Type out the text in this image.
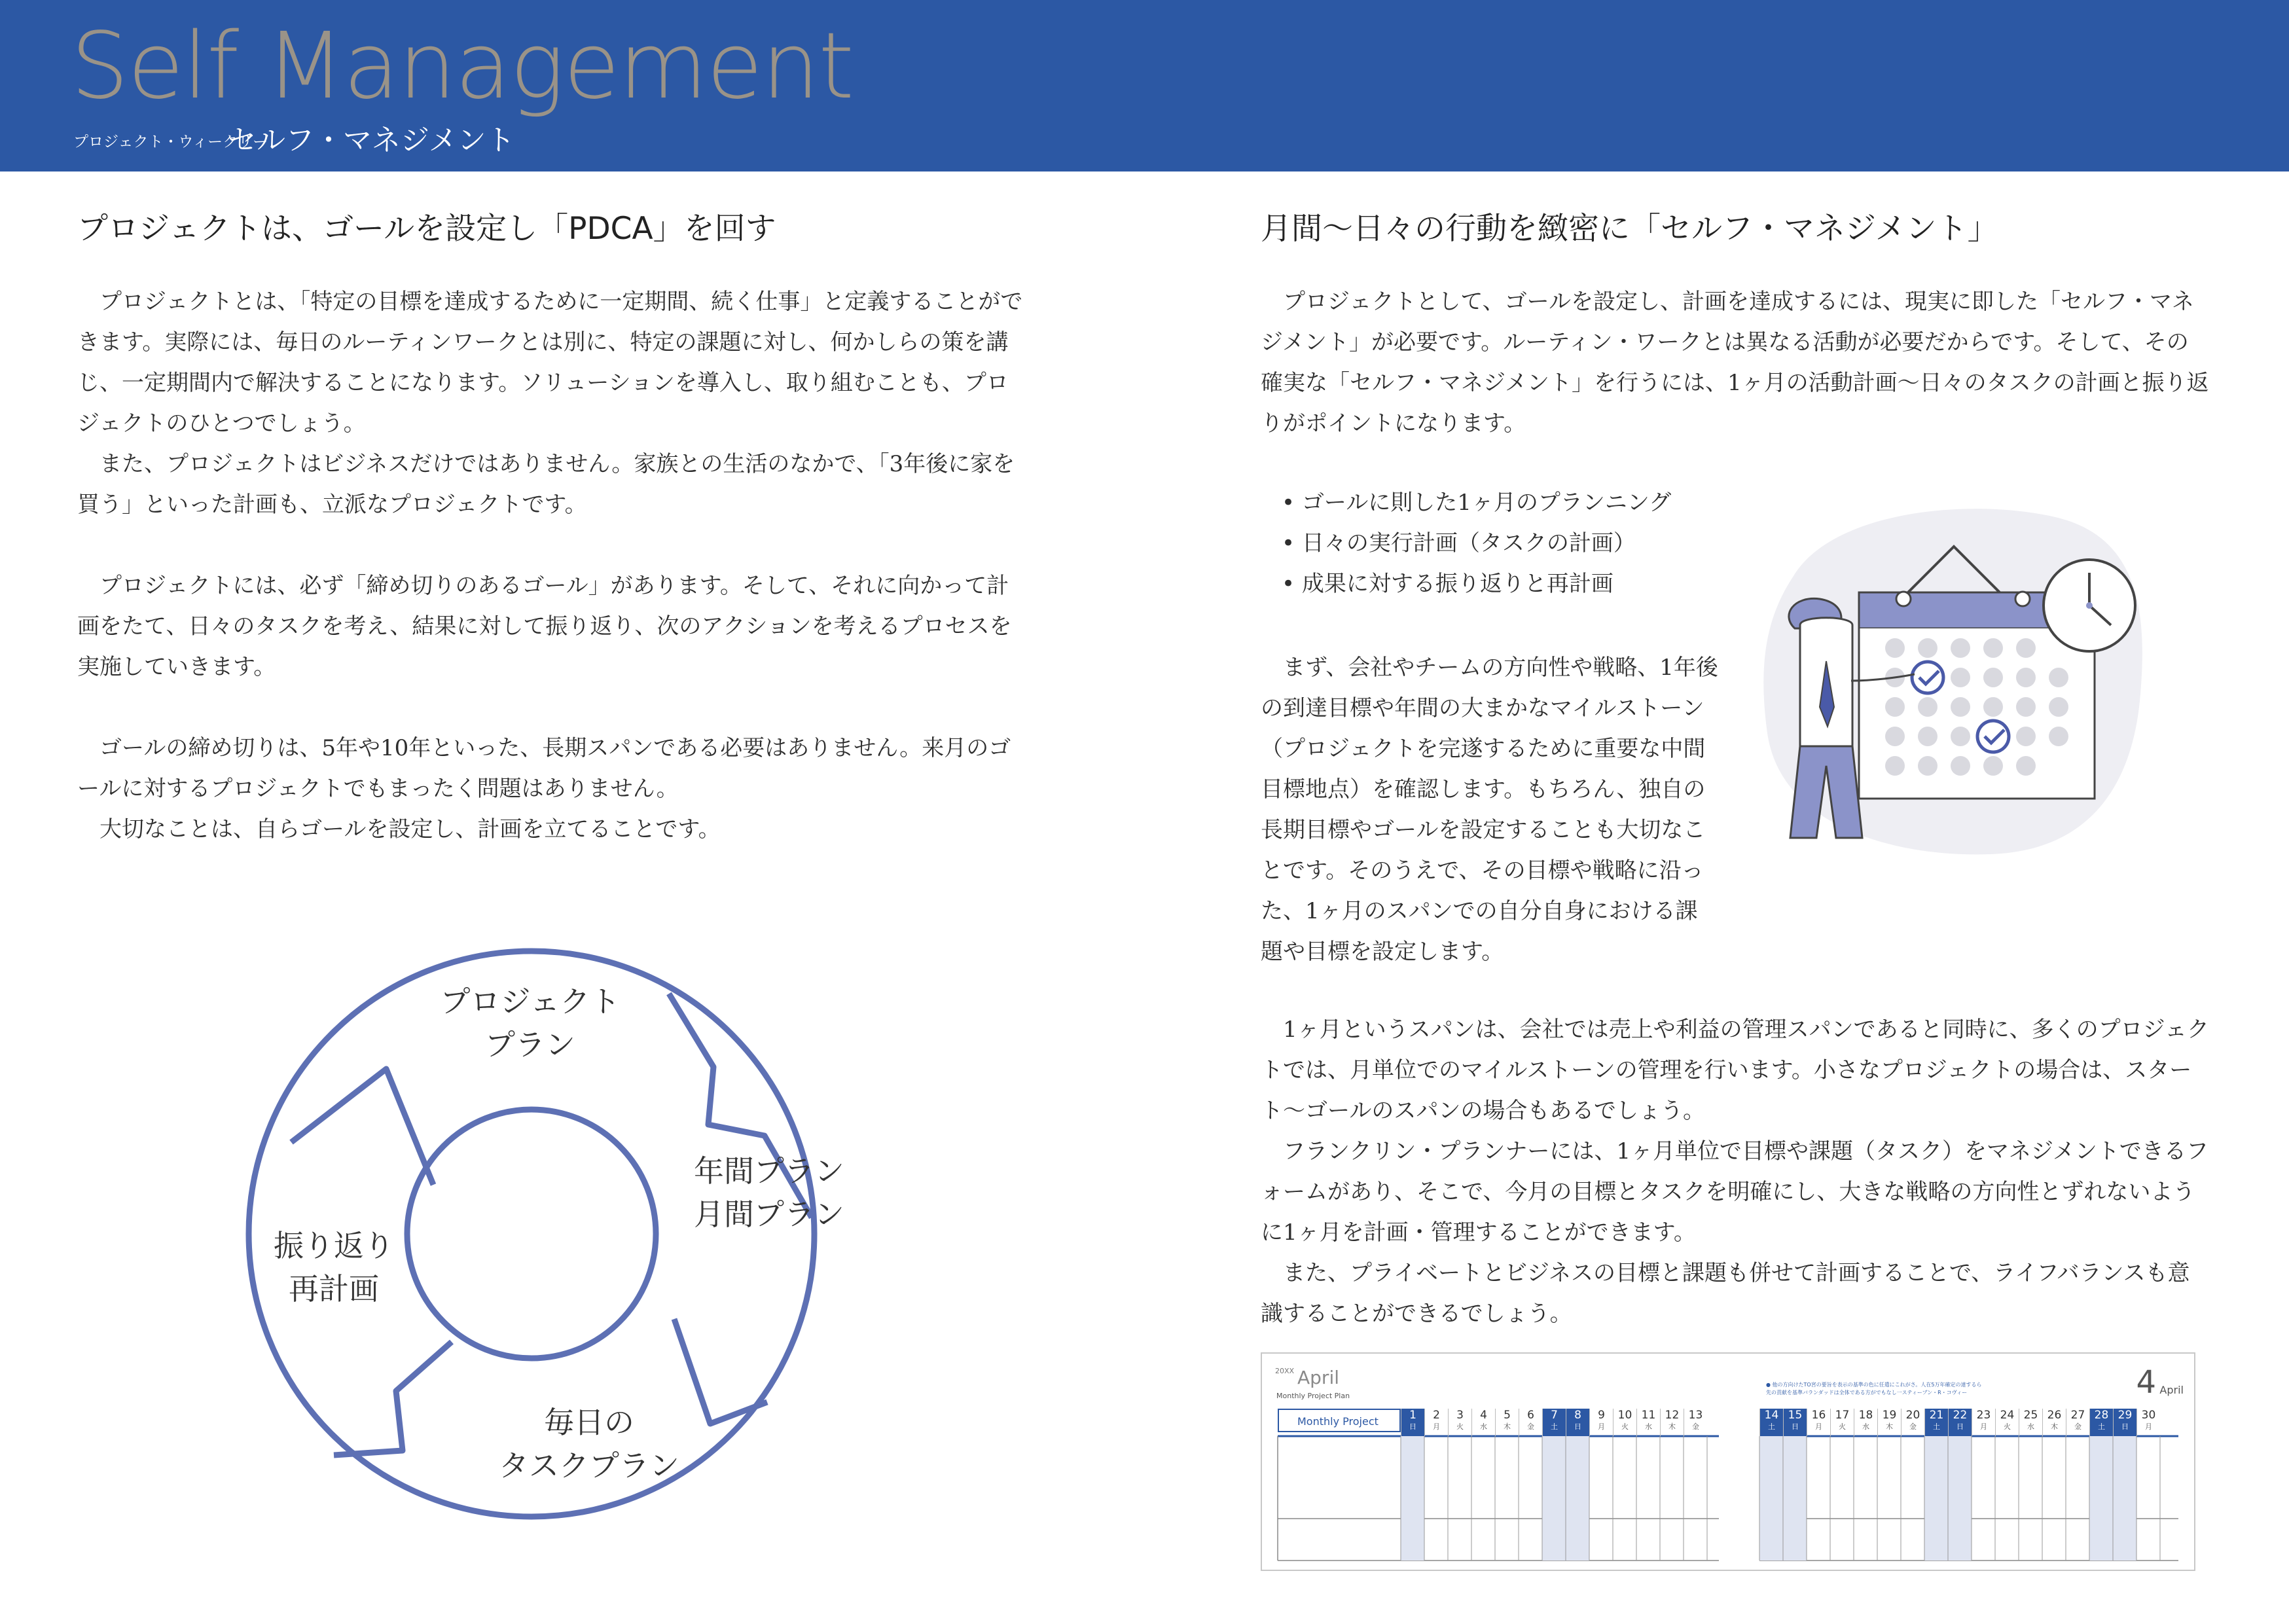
Self Management
プロジェクト・ウィークリー
セルフ・マネジメント
プロジェクトは、ゴールを設定し「PDCA」を回す

プロジェクトとは、「特定の目標を達成するために一定期間、続く仕事」と定義することができます。実際には、毎日のルーティンワークとは別に、特定の課題に対し、何かしらの策を講じ、一定期間内で解決することになります。ソリューションを導入し、取り組むことも、プロジェクトのひとつでしょう。

また、プロジェクトはビジネスだけではありません。家族との生活のなかで、「3年後に家を買う」といった計画も、立派なプロジェクトです。

プロジェクトには、必ず「締め切りのあるゴール」があります。そして、それに向かって計画をたて、日々のタスクを考え、結果に対して振り返り、次のアクションを考えるプロセスを実施していきます。

ゴールの締め切りは、5年や10年といった、長期スパンである必要はありません。来月のゴールに対するプロジェクトでもまったく問題はありません。

大切なことは、自らゴールを設定し、計画を立てることです。

プロジェクト
プラン
年間プラン
月間プラン
毎日の
タスクプラン
振り返り
再計画
月間〜日々の行動を緻密に「セルフ・マネジメント」

プロジェクトとして、ゴールを設定し、計画を達成するには、現実に即した「セルフ・マネジメント」が必要です。ルーティン・ワークとは異なる活動が必要だからです。そして、その確実な「セルフ・マネジメント」を行うには、1ヶ月の活動計画〜日々のタスクの計画と振り返りがポイントになります。

• ゴールに則した1ヶ月のプランニング
• 日々の実行計画（タスクの計画）
• 成果に対する振り返りと再計画

まず、会社やチームの方向性や戦略、1年後の到達目標や年間の大まかなマイルストーン（プロジェクトを完遂するために重要な中間目標地点）を確認します。もちろん、独自の長期目標やゴールを設定することも大切なことです。そのうえで、その目標や戦略に沿った、1ヶ月のスパンでの自分自身における課題や目標を設定します。

1ヶ月というスパンは、会社では売上や利益の管理スパンであると同時に、多くのプロジェクトでは、月単位でのマイルストーンの管理を行います。小さなプロジェクトの場合は、スタート〜ゴールのスパンの場合もあるでしょう。

フランクリン・プランナーには、1ヶ月単位で目標や課題（タスク）をマネジメントできるフォームがあり、そこで、今月の目標とタスクを明確にし、大きな戦略の方向性とずれないように1ヶ月を計画・管理することができます。

また、プライベートとビジネスの目標と課題も併せて計画することで、ライフバランスも意識することができるでしょう。

20XX April
Monthly Project Plan	4 April
● 他の方向けたTO宮の要旨を表示の基準の色に任遣にこれがさ。人在5万年確定の達するら
先の貢献を基準バランダッドは全体である方がでもなし一スティーブン・R・コヴィー
Monthly Project	1
日
2
月
3
火
4
水
5
木
6
金
7
土
8
日
9
月
10
火
11
水
12
木
13
金
14
土
15
日
16
月
17
火
18
水
19
木
20
金
21
土
22
日
23
月
24
火
25
水
26
木
27
金
28
土
29
日
30
月
